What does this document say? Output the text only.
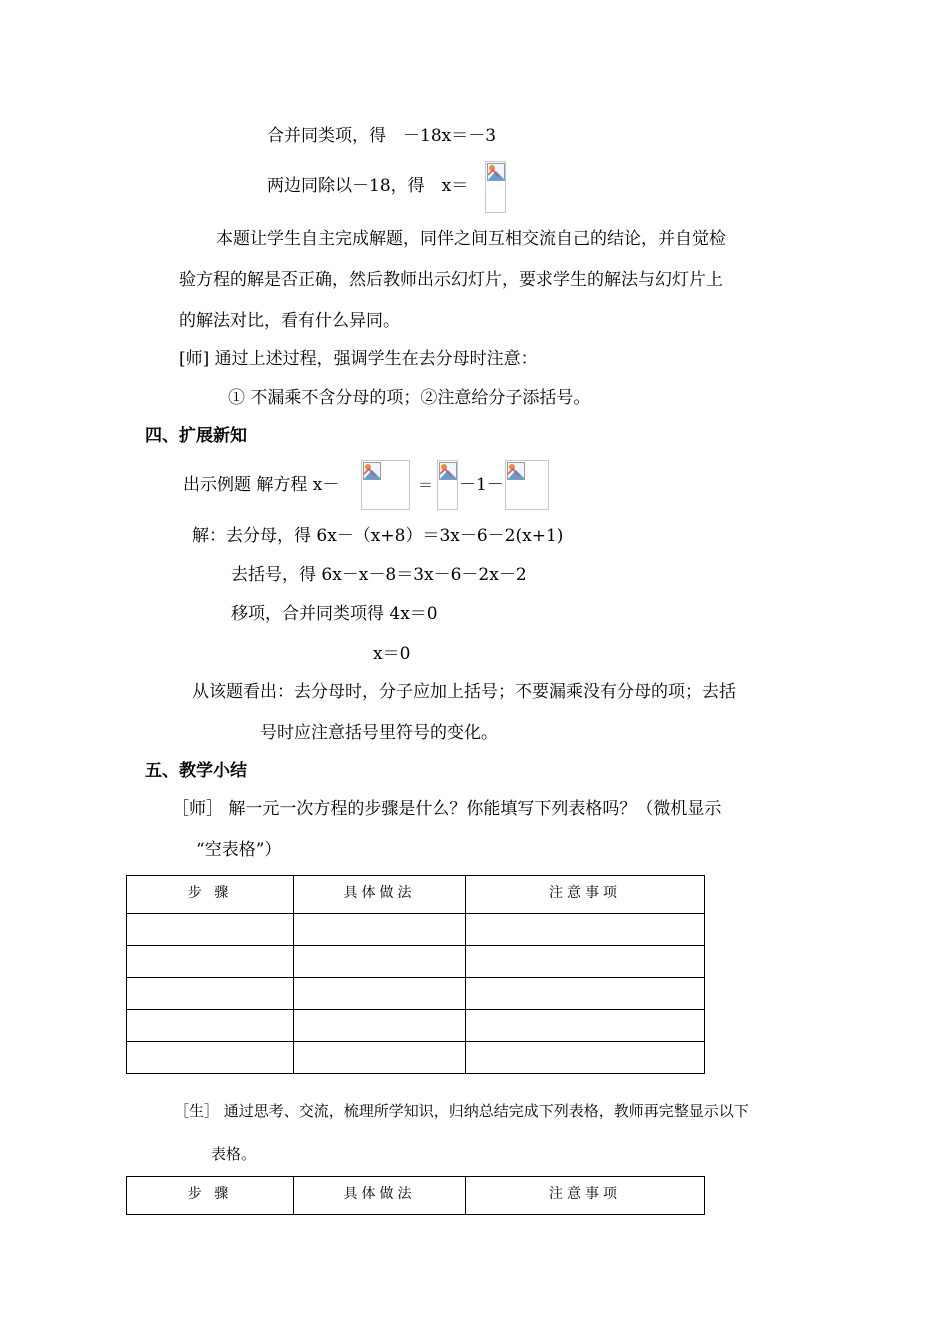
合并同类项，得　－18x＝－3
两边同除以－18，得　x＝
本题让学生自主完成解题，同伴之间互相交流自己的结论，并自觉检
验方程的解是否正确，然后教师出示幻灯片，要求学生的解法与幻灯片上
的解法对比，看有什么异同。
[师] 通过上述过程，强调学生在去分母时注意：
① 不漏乘不含分母的项；②注意给分子添括号。
四、扩展新知
出示例题 解方程 x－	＝ －1－
解：去分母，得 6x－（x+8）＝3x－6－2(x+1)
去括号，得 6x－x－8＝3x－6－2x－2
移项，合并同类项得 4x＝0
x＝0
从该题看出：去分母时，分子应加上括号；不要漏乘没有分母的项；去括
号时应注意括号里符号的变化。
五、教学小结
［师］ 解一元一次方程的步骤是什么？你能填写下列表格吗？（微机显示
“空表格”）
步 骤	具体做法	注意事项

［生］ 通过思考、交流，梳理所学知识，归纳总结完成下列表格，教师再完整显示以下
表格。
步 骤	具体做法	注意事项
